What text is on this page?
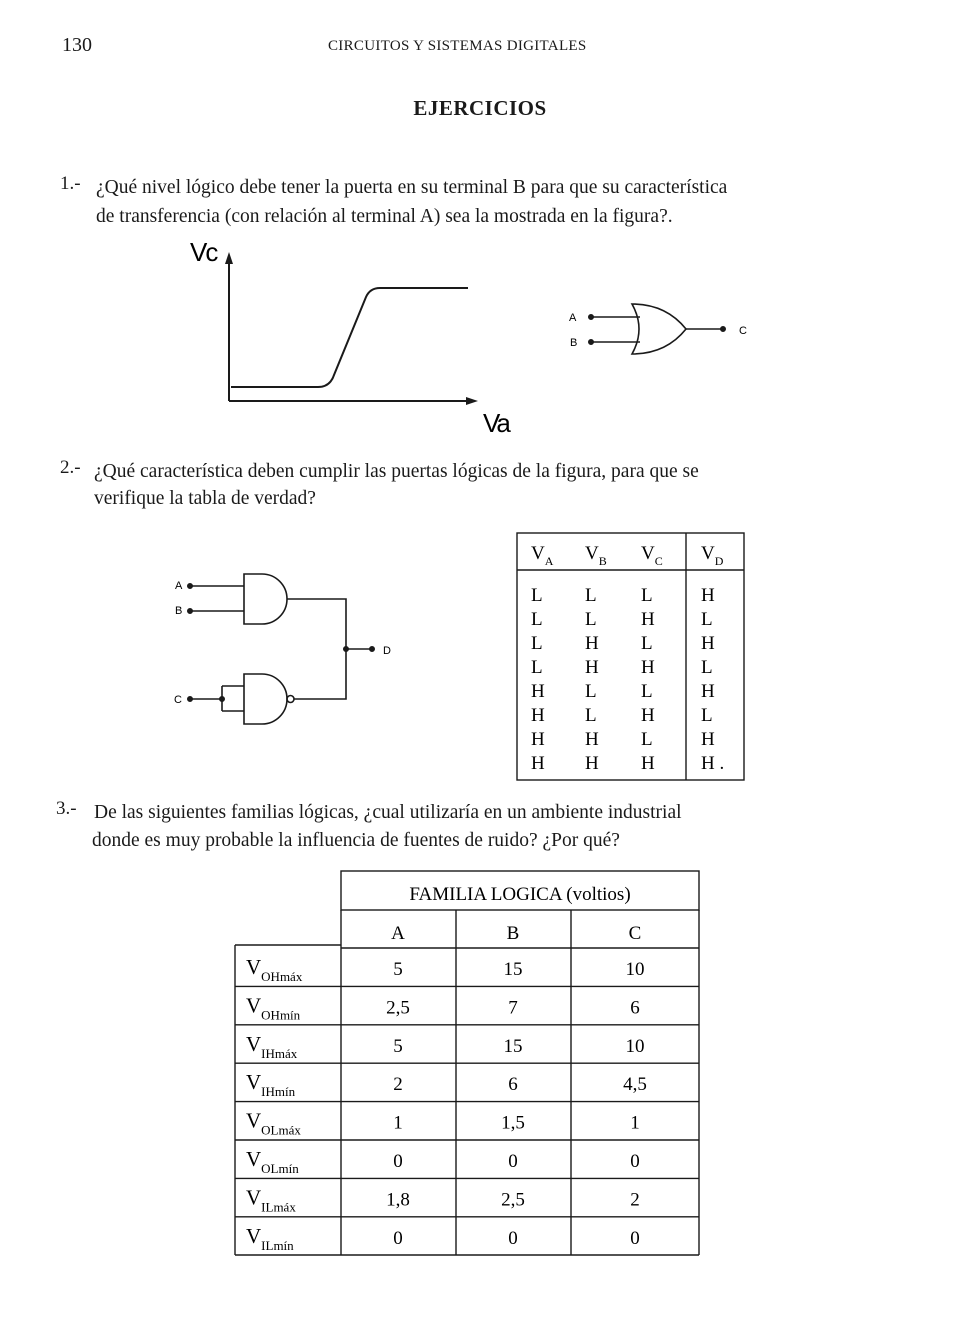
130	CIRCUITOS Y SISTEMAS DIGITALES
EJERCICIOS
1.- ¿Qué nivel lógico debe tener la puerta en su terminal B para que su característica
de transferencia (con relación al terminal A) sea la mostrada en la figura?.
Vc
Va
A
B
C
A
B
C
D
$V_A$ $V_B$ $V_C$ $V_D$
L L L	H
L L H L
L H L	H
L H H L
H L L	H
H L H L
H H L	H
H H H H .
FAMILIA LOGICA (voltios)
A	B	C
$V_{OHmáx}$	5	15	10
$V_{OHmín}$	2,5	7	6
$V_{IHmáx}$	5	15	10
$V_{IHmín}$	2	6	4,5
$V_{OLmáx}$	1	1,5	1
$V_{OLmín}$	0	0	0
$V_{ILmáx}$	1,8	2,5	2
$V_{ILmín}$	0	0	0
2.- ¿Qué característica deben cumplir las puertas lógicas de la figura, para que se
verifique la tabla de verdad?
3.- De las siguientes familias lógicas, ¿cual utilizaría en un ambiente industrial
donde es muy probable la influencia de fuentes de ruido? ¿Por qué?
